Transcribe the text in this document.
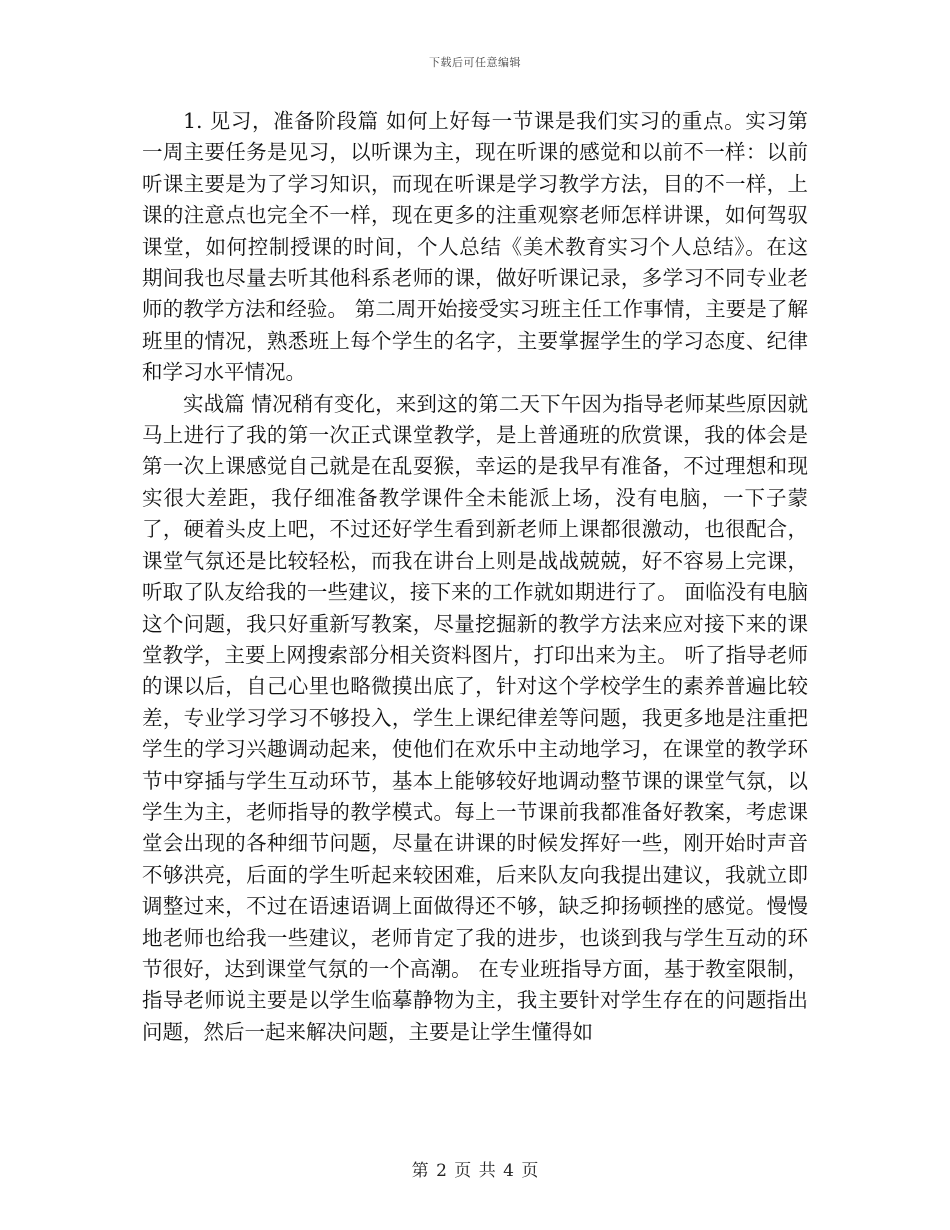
下载后可任意编辑

1. 见习，准备阶段篇 如何上好每一节课是我们实习的重点。实习第一周主要任务是见习，以听课为主，现在听课的感觉和以前不一样：以前听课主要是为了学习知识，而现在听课是学习教学方法，目的不一样，上课的注意点也完全不一样，现在更多的注重观察老师怎样讲课，如何驾驭课堂，如何控制授课的时间，个人总结《美术教育实习个人总结》。在这期间我也尽量去听其他科系老师的课，做好听课记录，多学习不同专业老师的教学方法和经验。 第二周开始接受实习班主任工作事情，主要是了解班里的情况，熟悉班上每个学生的名字，主要掌握学生的学习态度、纪律和学习水平情况。

实战篇 情况稍有变化，来到这的第二天下午因为指导老师某些原因就马上进行了我的第一次正式课堂教学，是上普通班的欣赏课，我的体会是第一次上课感觉自己就是在乱耍猴，幸运的是我早有准备，不过理想和现实很大差距，我仔细准备教学课件全未能派上场，没有电脑，一下子蒙了，硬着头皮上吧，不过还好学生看到新老师上课都很激动，也很配合，课堂气氛还是比较轻松，而我在讲台上则是战战兢兢，好不容易上完课，听取了队友给我的一些建议，接下来的工作就如期进行了。 面临没有电脑这个问题，我只好重新写教案，尽量挖掘新的教学方法来应对接下来的课堂教学，主要上网搜索部分相关资料图片，打印出来为主。 听了指导老师的课以后，自己心里也略微摸出底了，针对这个学校学生的素养普遍比较差，专业学习学习不够投入，学生上课纪律差等问题，我更多地是注重把学生的学习兴趣调动起来，使他们在欢乐中主动地学习，在课堂的教学环节中穿插与学生互动环节，基本上能够较好地调动整节课的课堂气氛，以学生为主，老师指导的教学模式。每上一节课前我都准备好教案，考虑课堂会出现的各种细节问题，尽量在讲课的时候发挥好一些，刚开始时声音不够洪亮，后面的学生听起来较困难，后来队友向我提出建议，我就立即调整过来，不过在语速语调上面做得还不够，缺乏抑扬顿挫的感觉。慢慢地老师也给我一些建议，老师肯定了我的进步，也谈到我与学生互动的环节很好，达到课堂气氛的一个高潮。 在专业班指导方面，基于教室限制，指导老师说主要是以学生临摹静物为主，我主要针对学生存在的问题指出问题，然后一起来解决问题，主要是让学生懂得如

第 2 页 共 4 页
